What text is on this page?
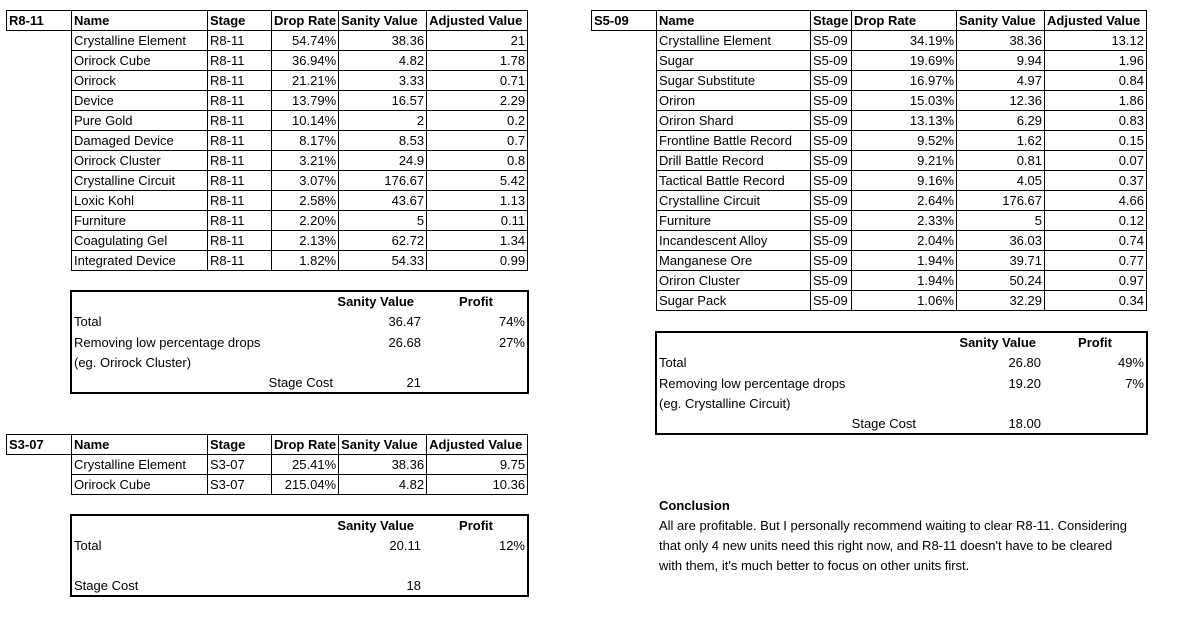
R8-11	Name	Stage	Drop Rate	Sanity Value	Adjusted Value
	Crystalline Element	R8-11	54.74%	38.36	21
	Orirock Cube	R8-11	36.94%	4.82	1.78
	Orirock	R8-11	21.21%	3.33	0.71
	Device	R8-11	13.79%	16.57	2.29
	Pure Gold	R8-11	10.14%	2	0.2
	Damaged Device	R8-11	8.17%	8.53	0.7
	Orirock Cluster	R8-11	3.21%	24.9	0.8
	Crystalline Circuit	R8-11	3.07%	176.67	5.42
	Loxic Kohl	R8-11	2.58%	43.67	1.13
	Furniture	R8-11	2.20%	5	0.11
	Coagulating Gel	R8-11	2.13%	62.72	1.34
	Integrated Device	R8-11	1.82%	54.33	0.99
Sanity Value	Profit
Total	36.47	74%
Removing low percentage drops	26.68	27%
(eg. Orirock Cluster)
Stage Cost	21
S3-07	Name	Stage	Drop Rate	Sanity Value	Adjusted Value
	Crystalline Element	S3-07	25.41%	38.36	9.75
	Orirock Cube	S3-07	215.04%	4.82	10.36
Sanity Value	Profit
Total	20.11	12%
Stage Cost	18
S5-09	Name	Stage	Drop Rate	Sanity Value	Adjusted Value
	Crystalline Element	S5-09	34.19%	38.36	13.12
	Sugar	S5-09	19.69%	9.94	1.96
	Sugar Substitute	S5-09	16.97%	4.97	0.84
	Oriron	S5-09	15.03%	12.36	1.86
	Oriron Shard	S5-09	13.13%	6.29	0.83
	Frontline Battle Record	S5-09	9.52%	1.62	0.15
	Drill Battle Record	S5-09	9.21%	0.81	0.07
	Tactical Battle Record	S5-09	9.16%	4.05	0.37
	Crystalline Circuit	S5-09	2.64%	176.67	4.66
	Furniture	S5-09	2.33%	5	0.12
	Incandescent Alloy	S5-09	2.04%	36.03	0.74
	Manganese Ore	S5-09	1.94%	39.71	0.77
	Oriron Cluster	S5-09	1.94%	50.24	0.97
	Sugar Pack	S5-09	1.06%	32.29	0.34
Sanity Value	Profit
Total	26.80	49%
Removing low percentage drops	19.20	7%
(eg. Crystalline Circuit)
Stage Cost	18.00
Conclusion
All are profitable. But I personally recommend waiting to clear R8-11. Considering
that only 4 new units need this right now, and R8-11 doesn't have to be cleared
with them, it's much better to focus on other units first.
